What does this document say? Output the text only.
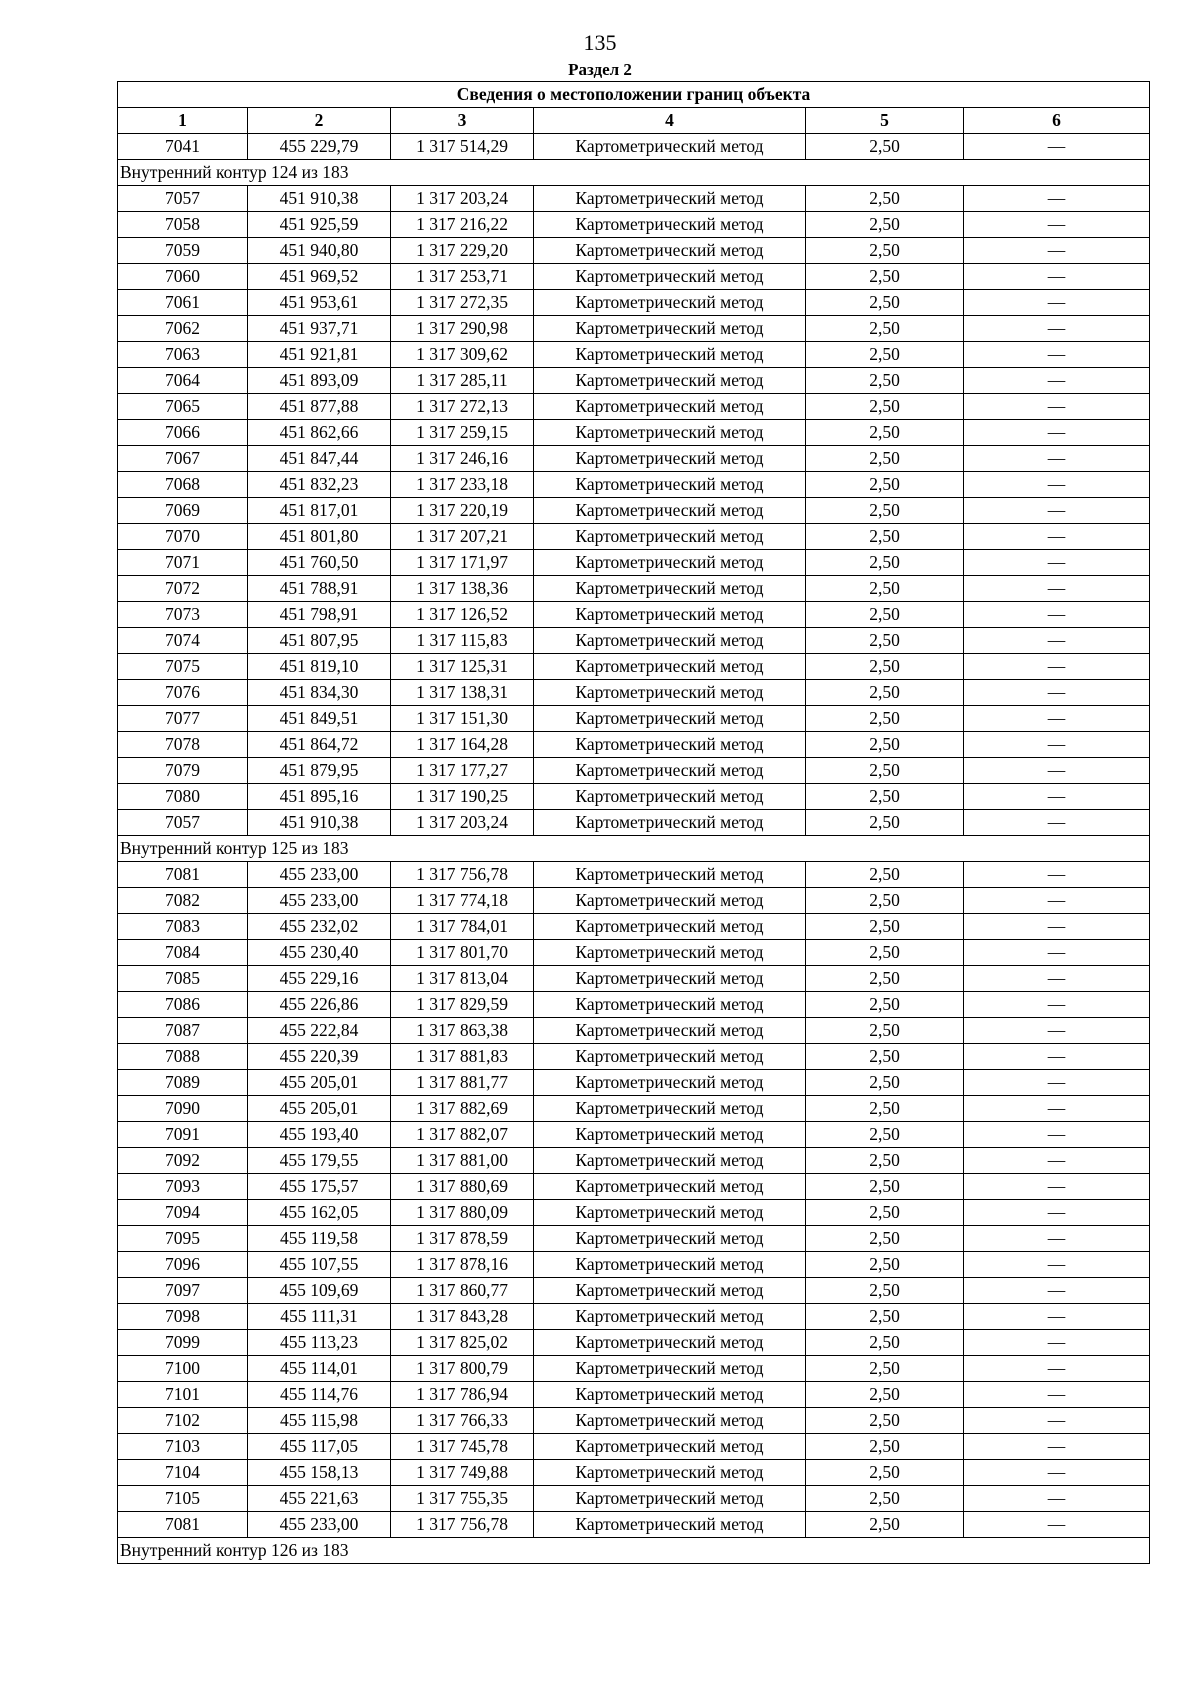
135
Раздел 2
Сведения о местоположении границ объекта					
1	2	3	4	5	6
7041	455 229,79	1 317 514,29	Картометрический метод	2,50	—
Внутренний контур 124 из 183					
7057	451 910,38	1 317 203,24	Картометрический метод	2,50	—
7058	451 925,59	1 317 216,22	Картометрический метод	2,50	—
7059	451 940,80	1 317 229,20	Картометрический метод	2,50	—
7060	451 969,52	1 317 253,71	Картометрический метод	2,50	—
7061	451 953,61	1 317 272,35	Картометрический метод	2,50	—
7062	451 937,71	1 317 290,98	Картометрический метод	2,50	—
7063	451 921,81	1 317 309,62	Картометрический метод	2,50	—
7064	451 893,09	1 317 285,11	Картометрический метод	2,50	—
7065	451 877,88	1 317 272,13	Картометрический метод	2,50	—
7066	451 862,66	1 317 259,15	Картометрический метод	2,50	—
7067	451 847,44	1 317 246,16	Картометрический метод	2,50	—
7068	451 832,23	1 317 233,18	Картометрический метод	2,50	—
7069	451 817,01	1 317 220,19	Картометрический метод	2,50	—
7070	451 801,80	1 317 207,21	Картометрический метод	2,50	—
7071	451 760,50	1 317 171,97	Картометрический метод	2,50	—
7072	451 788,91	1 317 138,36	Картометрический метод	2,50	—
7073	451 798,91	1 317 126,52	Картометрический метод	2,50	—
7074	451 807,95	1 317 115,83	Картометрический метод	2,50	—
7075	451 819,10	1 317 125,31	Картометрический метод	2,50	—
7076	451 834,30	1 317 138,31	Картометрический метод	2,50	—
7077	451 849,51	1 317 151,30	Картометрический метод	2,50	—
7078	451 864,72	1 317 164,28	Картометрический метод	2,50	—
7079	451 879,95	1 317 177,27	Картометрический метод	2,50	—
7080	451 895,16	1 317 190,25	Картометрический метод	2,50	—
7057	451 910,38	1 317 203,24	Картометрический метод	2,50	—
Внутренний контур 125 из 183					
7081	455 233,00	1 317 756,78	Картометрический метод	2,50	—
7082	455 233,00	1 317 774,18	Картометрический метод	2,50	—
7083	455 232,02	1 317 784,01	Картометрический метод	2,50	—
7084	455 230,40	1 317 801,70	Картометрический метод	2,50	—
7085	455 229,16	1 317 813,04	Картометрический метод	2,50	—
7086	455 226,86	1 317 829,59	Картометрический метод	2,50	—
7087	455 222,84	1 317 863,38	Картометрический метод	2,50	—
7088	455 220,39	1 317 881,83	Картометрический метод	2,50	—
7089	455 205,01	1 317 881,77	Картометрический метод	2,50	—
7090	455 205,01	1 317 882,69	Картометрический метод	2,50	—
7091	455 193,40	1 317 882,07	Картометрический метод	2,50	—
7092	455 179,55	1 317 881,00	Картометрический метод	2,50	—
7093	455 175,57	1 317 880,69	Картометрический метод	2,50	—
7094	455 162,05	1 317 880,09	Картометрический метод	2,50	—
7095	455 119,58	1 317 878,59	Картометрический метод	2,50	—
7096	455 107,55	1 317 878,16	Картометрический метод	2,50	—
7097	455 109,69	1 317 860,77	Картометрический метод	2,50	—
7098	455 111,31	1 317 843,28	Картометрический метод	2,50	—
7099	455 113,23	1 317 825,02	Картометрический метод	2,50	—
7100	455 114,01	1 317 800,79	Картометрический метод	2,50	—
7101	455 114,76	1 317 786,94	Картометрический метод	2,50	—
7102	455 115,98	1 317 766,33	Картометрический метод	2,50	—
7103	455 117,05	1 317 745,78	Картометрический метод	2,50	—
7104	455 158,13	1 317 749,88	Картометрический метод	2,50	—
7105	455 221,63	1 317 755,35	Картометрический метод	2,50	—
7081	455 233,00	1 317 756,78	Картометрический метод	2,50	—
Внутренний контур 126 из 183					
